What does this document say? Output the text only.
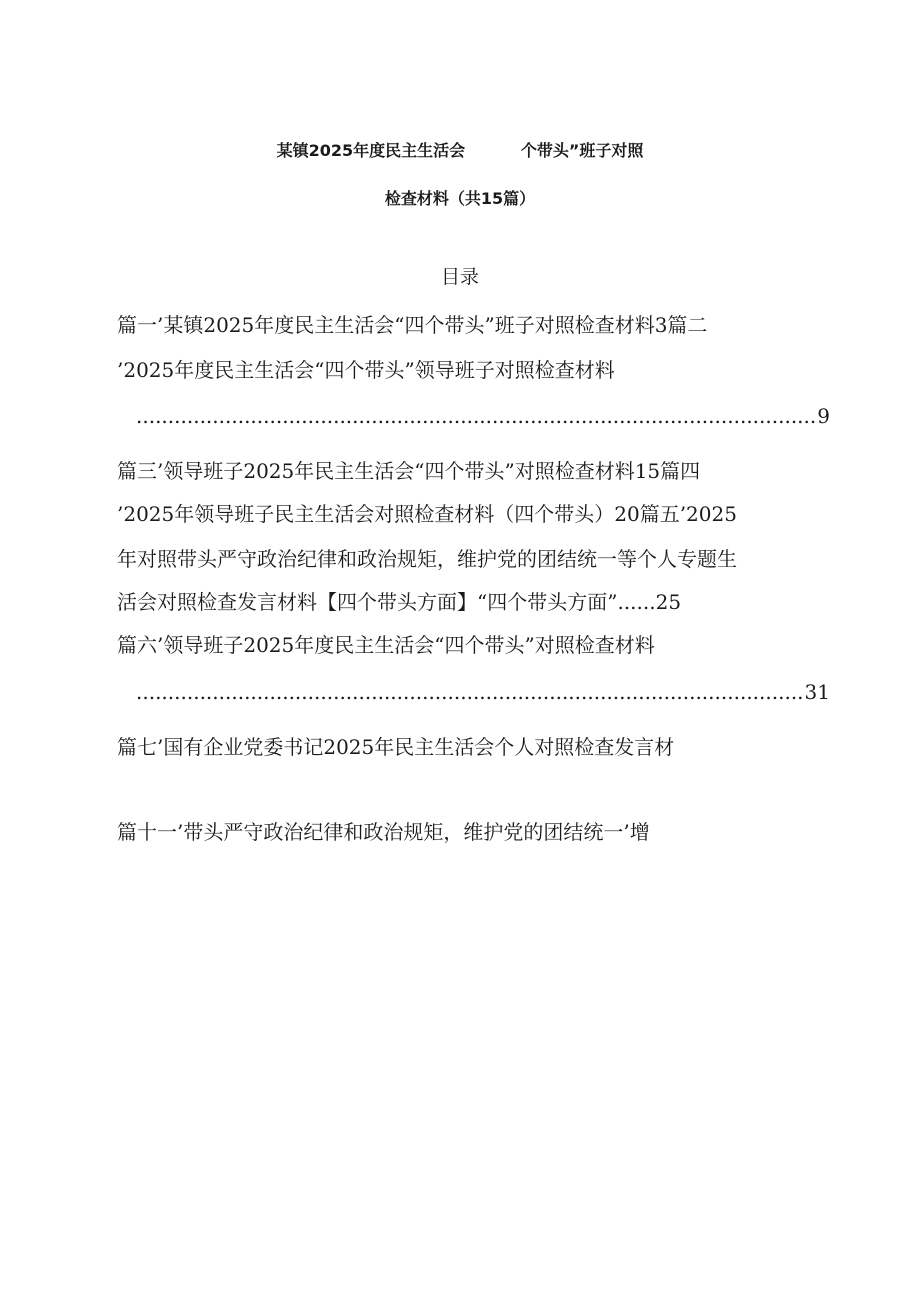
某镇2025年度民主生活会          个带头”班子对照
检查材料（共15篇）
目录
篇一’某镇2025年度民主生活会“四个带头”班子对照检查材料3篇二
’2025年度民主生活会“四个带头”领导班子对照检查材料
.....
9
篇三’领导班子2025年民主生活会“四个带头”对照检查材料15篇四
’2025年领导班子民主生活会对照检查材料（四个带头）20篇五’2025
年对照带头严守政治纪律和政治规矩，维护党的团结统一等个人专题生
活会对照检查发言材料【四个带头方面】“四个带头方面”......25
篇六’领导班子2025年度民主生活会“四个带头”对照检查材料
.....
31
篇七’国有企业党委书记2025年民主生活会个人对照检查发言材
篇十一’带头严守政治纪律和政治规矩，维护党的团结统一’增
